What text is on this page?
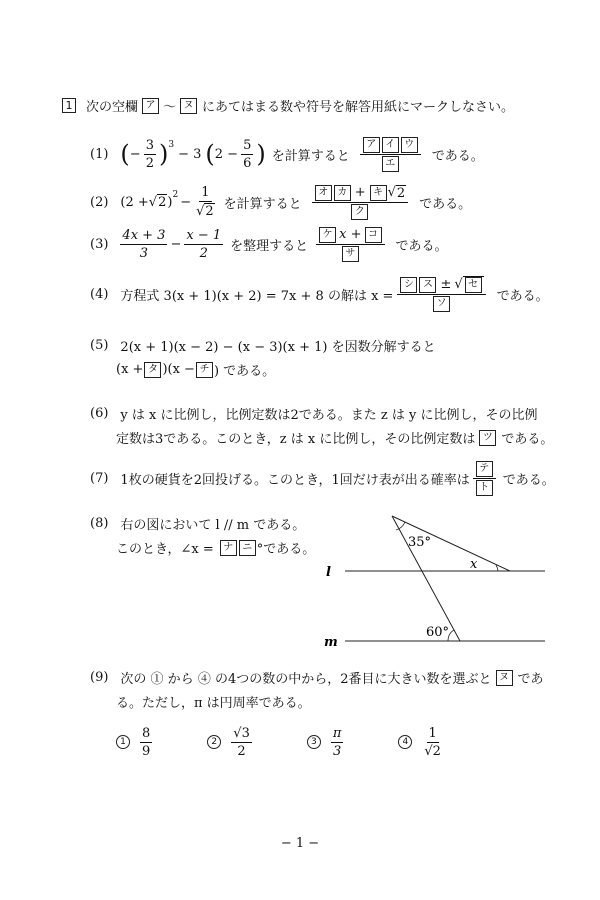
1 次の空欄 ア ～ ヌ にあてはまる数や符号を解答用紙にマークしなさい。
(1) ( − $\frac{3}{2}$ ) 3
− 3 ( $2 - \frac{5}{6}$ ) を計算すると $\frac{\text{ア イ ウ}}{\text{エ}}$ である。
(2) (2 + √ 2 ) $2 - \frac{1}{√ 2}$ を計算すると $\frac{\text{オ カ + キ √ 2}}{\text{ク}}$ である。
$(3) \frac{4x + 3}{3} - \frac{x - 1}{2}$ を整理すると $\frac{\text{ケ x + コ}}{\text{サ}}$ である。
(4) 方程式 3(x + 1)(x + 2) = 7x + 8 の解は $x = \frac{\text{シ ス ± √ セ}}{\text{ソ}}$ である。
(5) 2(x + 1)(x − 2) − (x − 3)(x + 1) を因数分解すると
(x + タ )(x − チ ) である。
(6) y は x に比例し，比例定数は2である。また z は y に比例し，その比例
定数は3である。このとき，z は x に比例し，その比例定数は ツ である。
(7) 1枚の硬貨を2回投げる。このとき，1回だけ表が出る確率は $\frac{\text{テ}}{\text{ト}}$ である。
(8) 右の図において l // m である。
このとき，∠x = ナ ニ °である。	35°
x
60°
l
m
(9) 次の ① から ④ の4つの数の中から，2番目に大きい数を選ぶと ヌ であ
る。ただし，π は円周率である。
1	$\frac{8}{9}$	2	$\frac{√3}{2}$	3	$\frac{\pi}{3}$	4	$\frac{1}{√2}$
− 1 −
